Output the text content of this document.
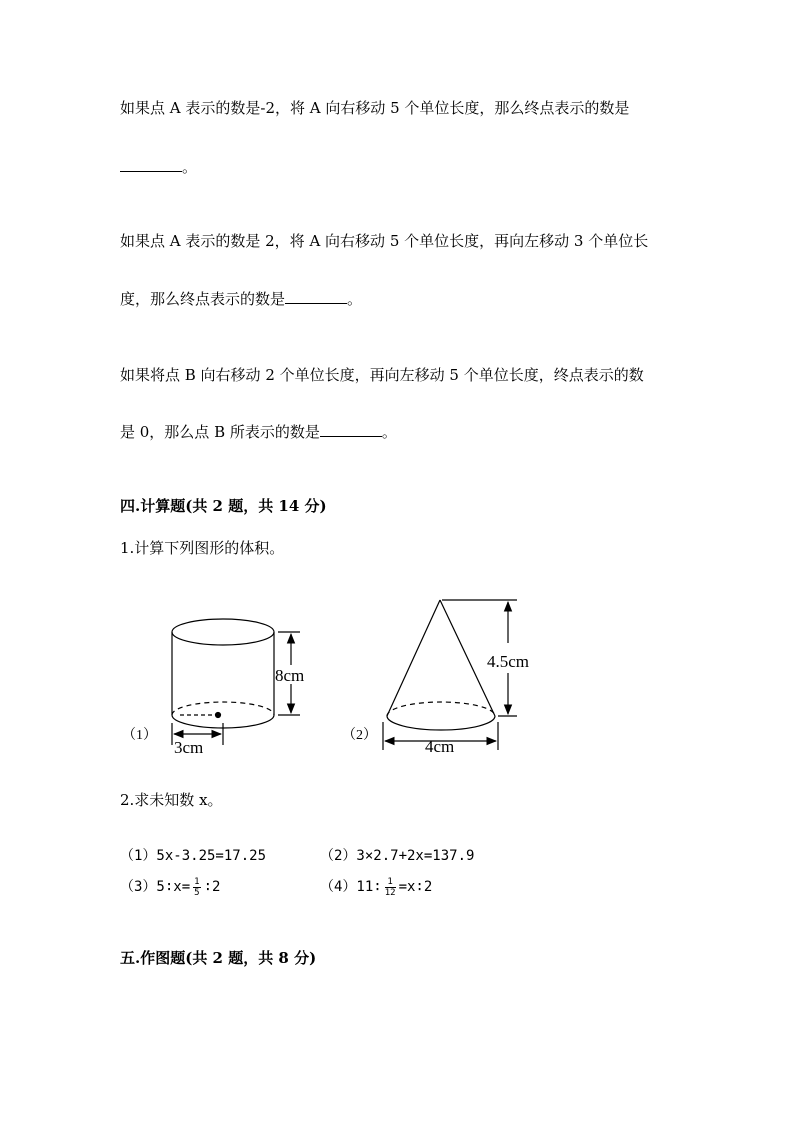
如果点 A 表示的数是-2，将 A 向右移动 5 个单位长度，那么终点表示的数是
。
如果点 A 表示的数是 2，将 A 向右移动 5 个单位长度，再向左移动 3 个单位长
度，那么终点表示的数是	。
如果将点 B 向右移动 2 个单位长度，再向左移动 5 个单位长度，终点表示的数
是 0，那么点 B 所表示的数是	。
四.计算题(共 2 题，共 14 分)
1.计算下列图形的体积。
（1）
8cm
3cm
（2）
4.5cm
4cm
2.求未知数 x。
（1）5x-3.25=17.25	（2）3×2.7+2x=137.9
（3）5∶x= $\frac{1}{5}$ ∶2	（4）11∶ $\frac{1}{12}$ =x∶2
五.作图题(共 2 题，共 8 分)
